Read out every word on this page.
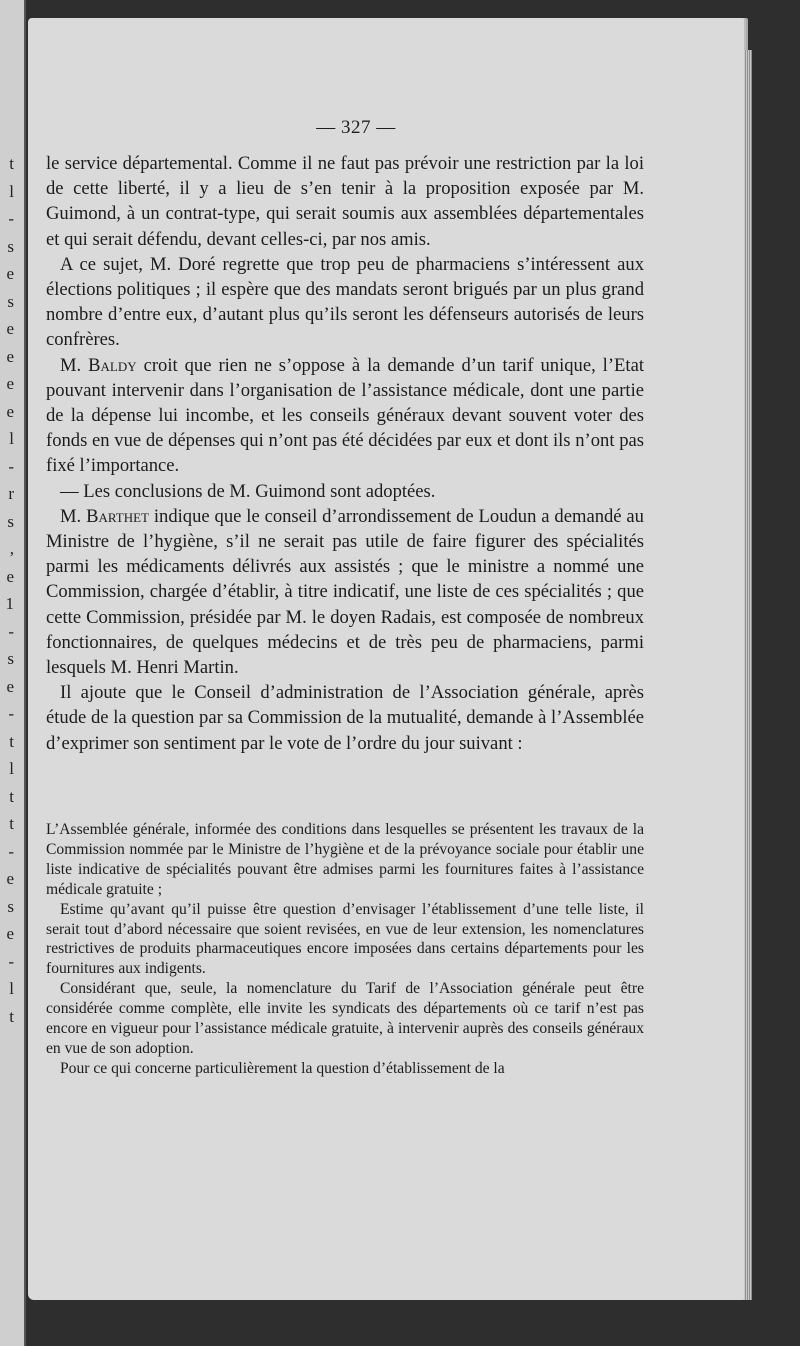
t
l
-
s
e
s
e
e
e
e
l
-
r
s
,
e
1
-
s
e
-
t
l
t
t
-
e
s
e
-
l
t
— 327 —

le service départemental. Comme il ne faut pas prévoir une restriction par la loi de cette liberté, il y a lieu de s’en tenir à la proposition exposée par M. Guimond, à un contrat-type, qui serait soumis aux assemblées départementales et qui serait défendu, devant celles-ci, par nos amis.

A ce sujet, M. Doré regrette que trop peu de pharmaciens s’intéressent aux élections politiques ; il espère que des mandats seront brigués par un plus grand nombre d’entre eux, d’autant plus qu’ils seront les défenseurs autorisés de leurs confrères.

M. Baldy croit que rien ne s’oppose à la demande d’un tarif unique, l’Etat pouvant intervenir dans l’organisation de l’assistance médicale, dont une partie de la dépense lui incombe, et les conseils généraux devant souvent voter des fonds en vue de dépenses qui n’ont pas été décidées par eux et dont ils n’ont pas fixé l’importance.

— Les conclusions de M. Guimond sont adoptées.

M. Barthet indique que le conseil d’arrondissement de Loudun a demandé au Ministre de l’hygiène, s’il ne serait pas utile de faire figurer des spécialités parmi les médicaments délivrés aux assistés ; que le ministre a nommé une Commission, chargée d’établir, à titre indicatif, une liste de ces spécialités ; que cette Commission, présidée par M. le doyen Radais, est composée de nombreux fonctionnaires, de quelques médecins et de très peu de pharmaciens, parmi lesquels M. Henri Martin.

Il ajoute que le Conseil d’administration de l’Association générale, après étude de la question par sa Commission de la mutualité, demande à l’Assemblée d’exprimer son sentiment par le vote de l’ordre du jour suivant :

L’Assemblée générale, informée des conditions dans lesquelles se présentent les travaux de la Commission nommée par le Ministre de l’hygiène et de la prévoyance sociale pour établir une liste indicative de spécialités pouvant être admises parmi les fournitures faites à l’assistance médicale gratuite ;

Estime qu’avant qu’il puisse être question d’envisager l’établissement d’une telle liste, il serait tout d’abord nécessaire que soient revisées, en vue de leur extension, les nomenclatures restrictives de produits pharmaceutiques encore imposées dans certains départements pour les fournitures aux indigents.

Considérant que, seule, la nomenclature du Tarif de l’Association générale peut être considérée comme complète, elle invite les syndicats des départements où ce tarif n’est pas encore en vigueur pour l’assistance médicale gratuite, à intervenir auprès des conseils généraux en vue de son adoption.

Pour ce qui concerne particulièrement la question d’établissement de la
